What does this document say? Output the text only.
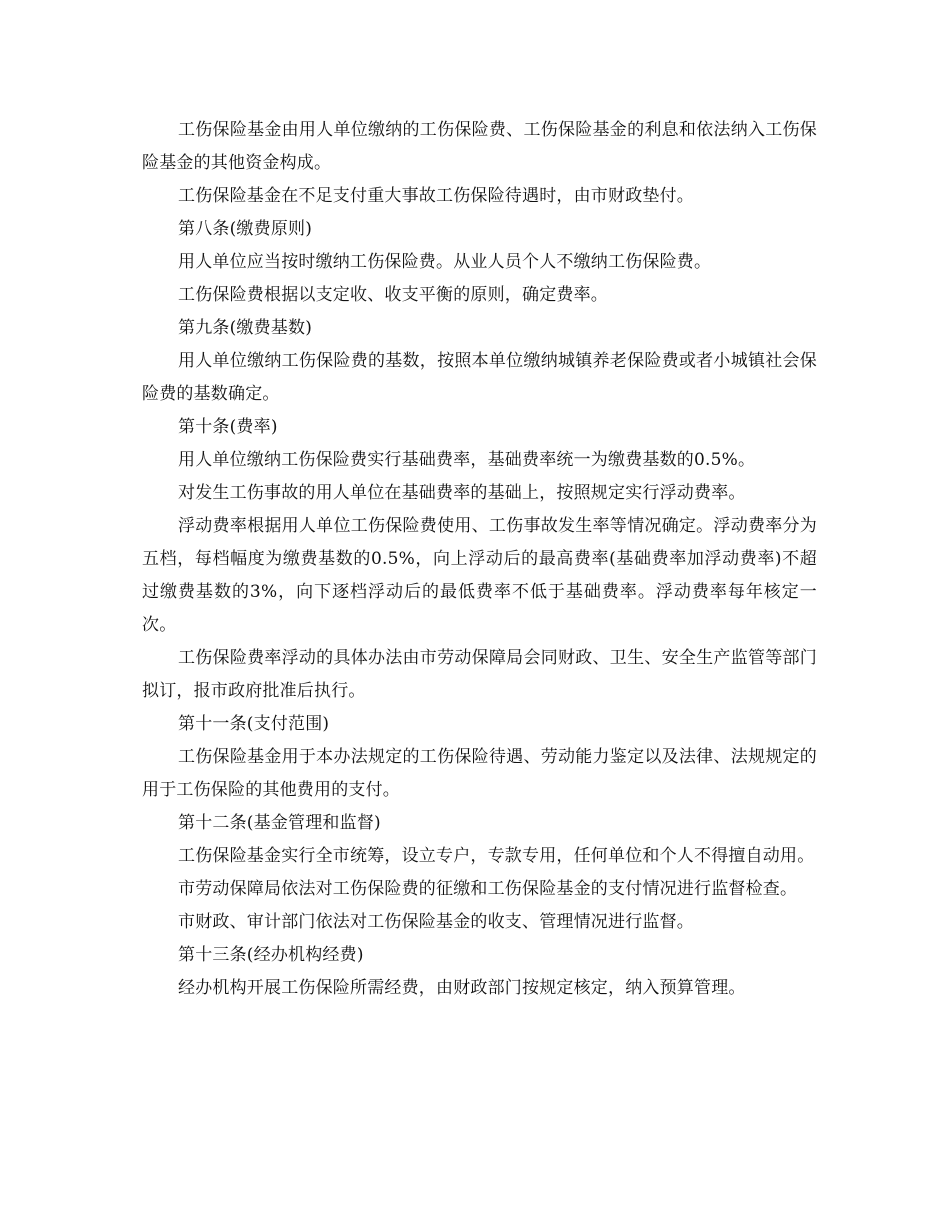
工伤保险基金由用人单位缴纳的工伤保险费、工伤保险基金的利息和依法纳入工伤保险基金的其他资金构成。

工伤保险基金在不足支付重大事故工伤保险待遇时，由市财政垫付。

第八条(缴费原则)

用人单位应当按时缴纳工伤保险费。从业人员个人不缴纳工伤保险费。

工伤保险费根据以支定收、收支平衡的原则，确定费率。

第九条(缴费基数)

用人单位缴纳工伤保险费的基数，按照本单位缴纳城镇养老保险费或者小城镇社会保险费的基数确定。

第十条(费率)

用人单位缴纳工伤保险费实行基础费率，基础费率统一为缴费基数的0.5%。

对发生工伤事故的用人单位在基础费率的基础上，按照规定实行浮动费率。

浮动费率根据用人单位工伤保险费使用、工伤事故发生率等情况确定。浮动费率分为五档，每档幅度为缴费基数的0.5%，向上浮动后的最高费率(基础费率加浮动费率)不超过缴费基数的3%，向下逐档浮动后的最低费率不低于基础费率。浮动费率每年核定一次。

工伤保险费率浮动的具体办法由市劳动保障局会同财政、卫生、安全生产监管等部门拟订，报市政府批准后执行。

第十一条(支付范围)

工伤保险基金用于本办法规定的工伤保险待遇、劳动能力鉴定以及法律、法规规定的用于工伤保险的其他费用的支付。

第十二条(基金管理和监督)

工伤保险基金实行全市统筹，设立专户，专款专用，任何单位和个人不得擅自动用。

市劳动保障局依法对工伤保险费的征缴和工伤保险基金的支付情况进行监督检查。

市财政、审计部门依法对工伤保险基金的收支、管理情况进行监督。

第十三条(经办机构经费)

经办机构开展工伤保险所需经费，由财政部门按规定核定，纳入预算管理。
